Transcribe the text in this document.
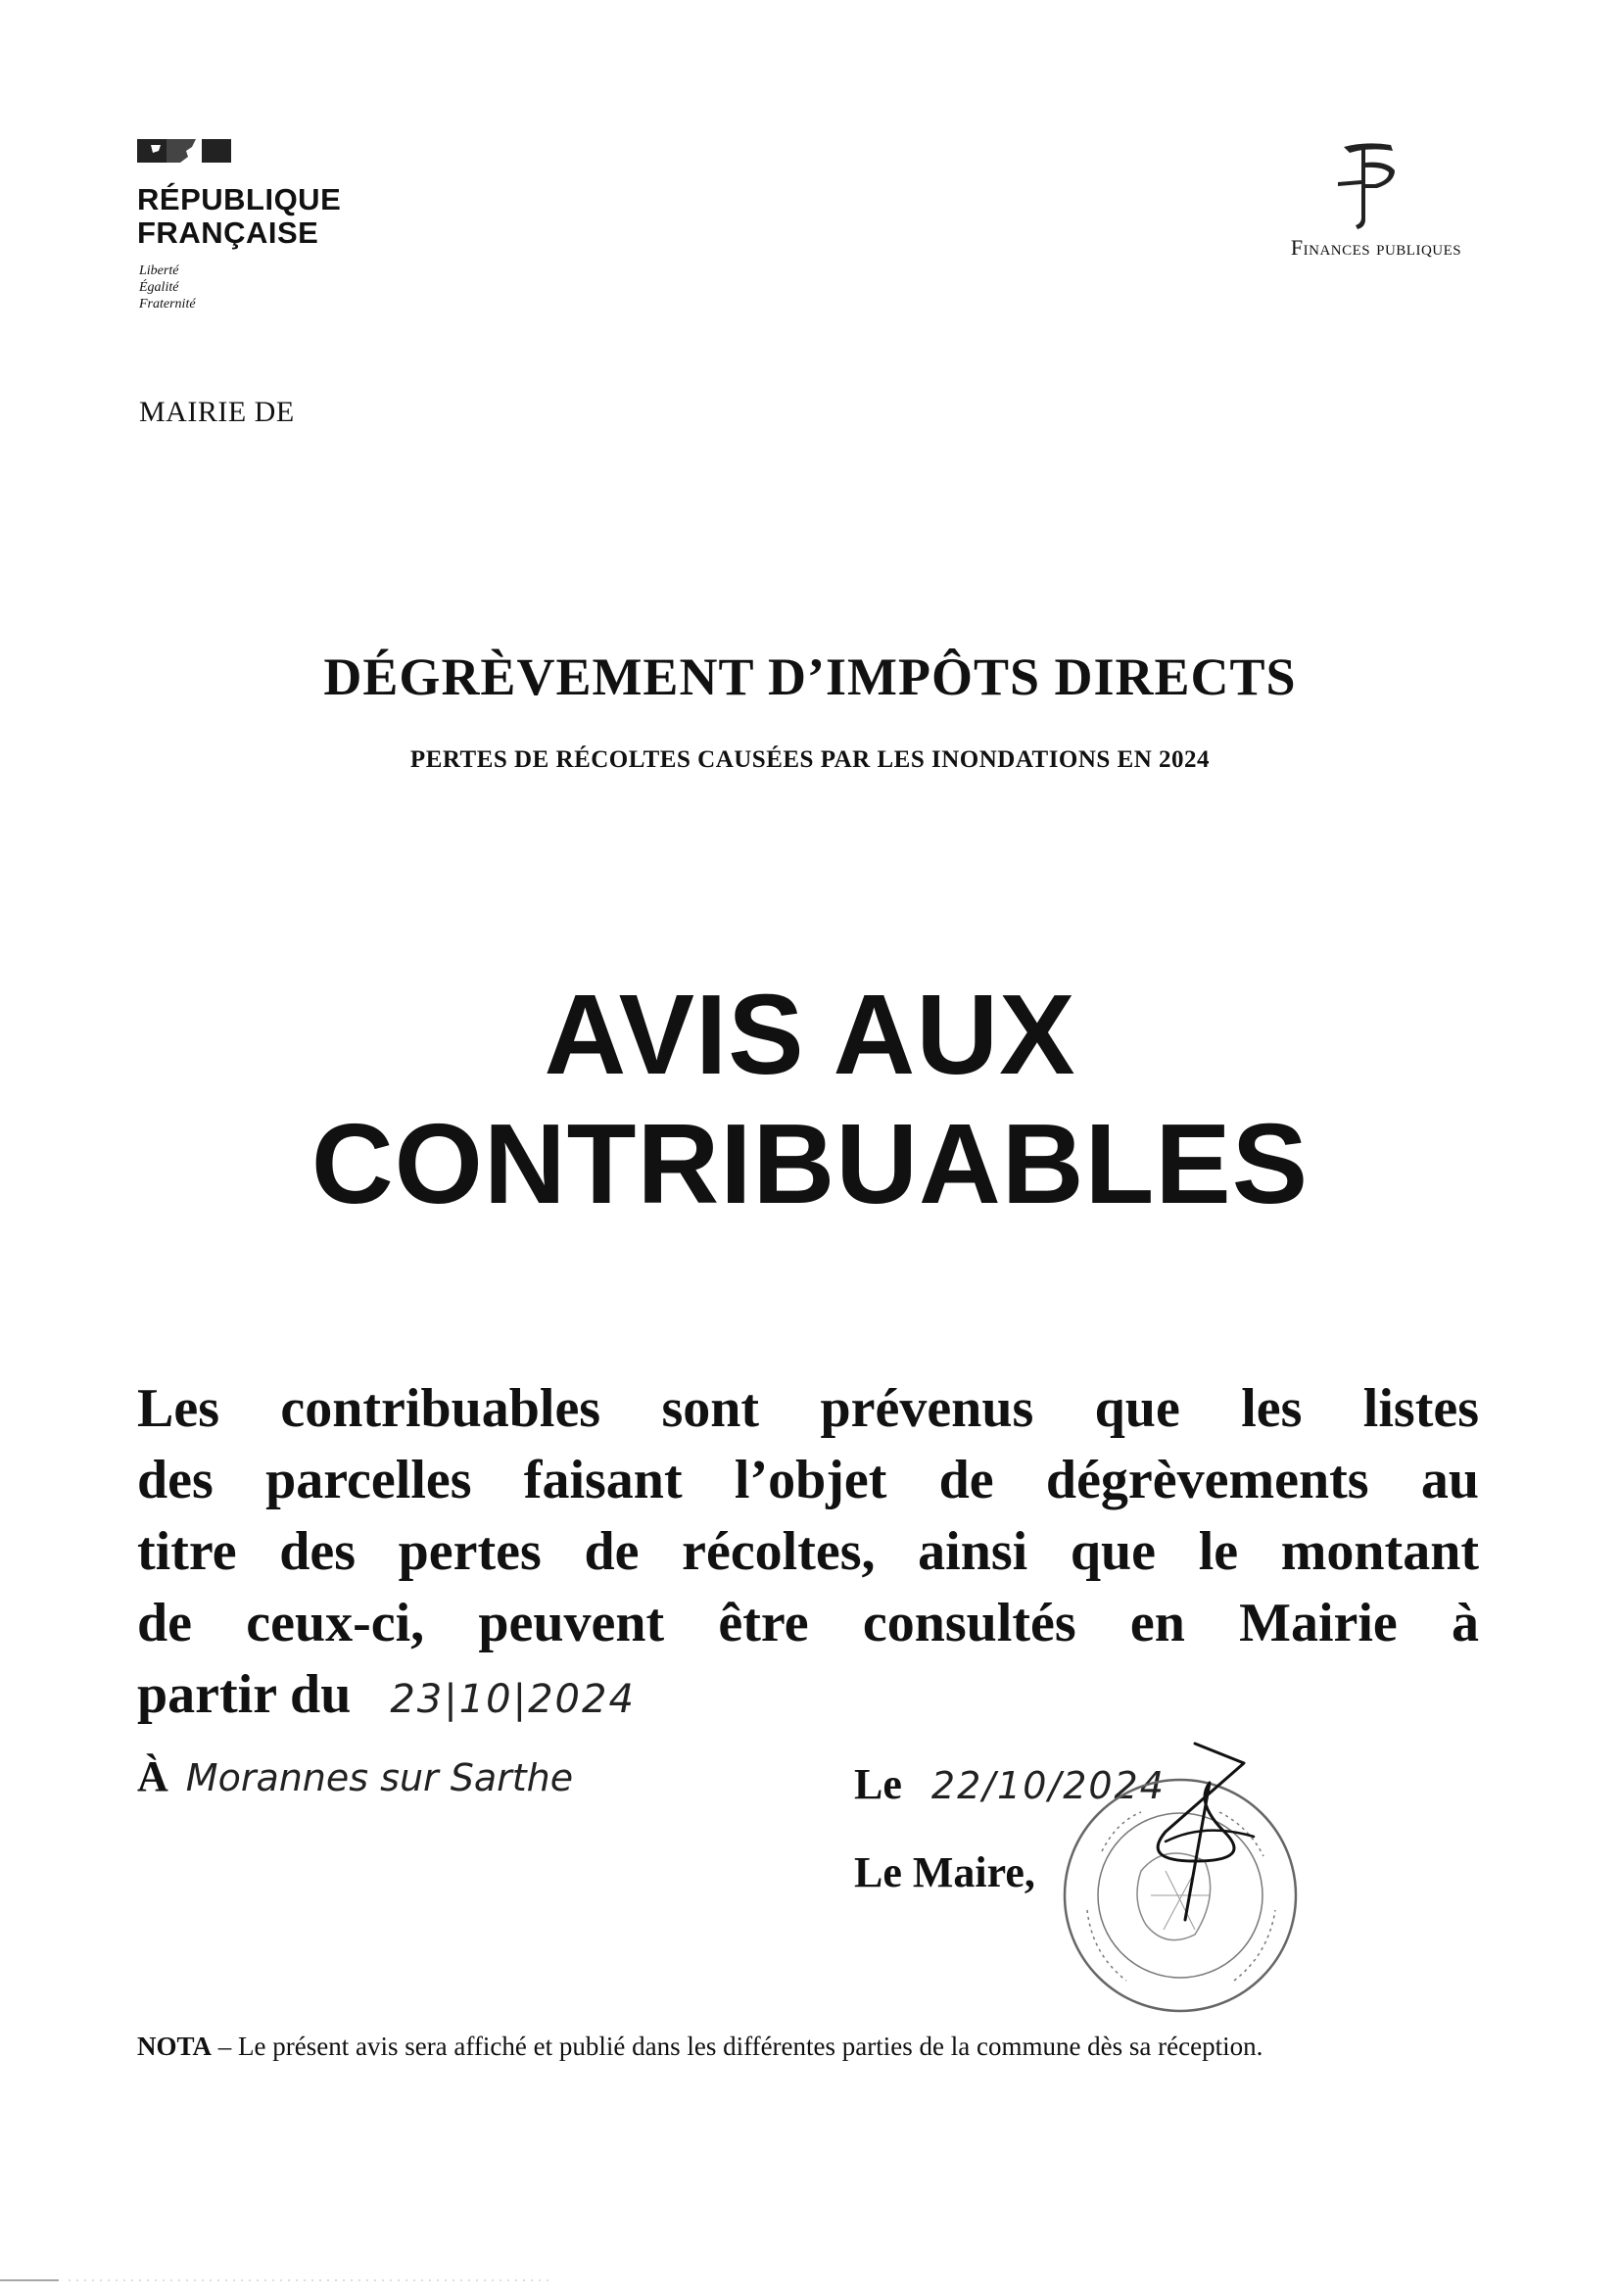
RÉPUBLIQUE
FRANÇAISE
Liberté
Égalité
Fraternité
MAIRIE DE
Finances publiques
DÉGRÈVEMENT D’IMPÔTS DIRECTS
PERTES DE RÉCOLTES CAUSÉES PAR LES INONDATIONS EN 2024
AVIS AUX
CONTRIBUABLES
Les contribuables sont prévenus que les listes
des parcelles faisant l’objet de dégrèvements au
titre des pertes de récoltes, ainsi que le montant
de ceux-ci, peuvent être consultés en Mairie à
partir du 23|10|2024
À Morannes sur Sarthe	Le 22/10/2024
Le Maire,
NOTA – Le présent avis sera affiché et publié dans les différentes parties de la commune dès sa réception.
